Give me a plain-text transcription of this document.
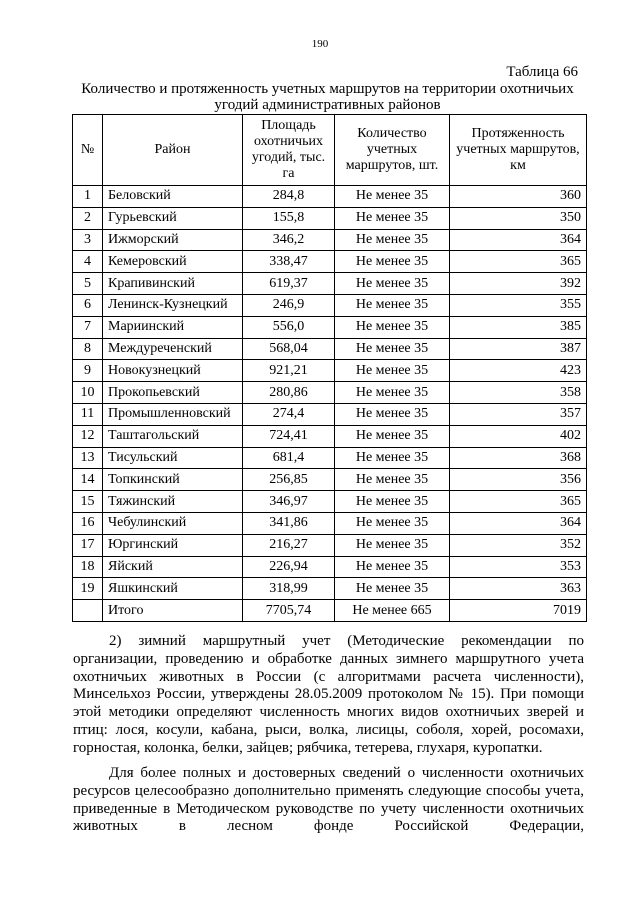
190
Таблица 66
Количество и протяженность учетных маршрутов на территории охотничьих угодий административных районов
№	Район	Площадь охотничьих угодий, тыс. га	Количество учетных маршрутов, шт.	Протяженность учетных маршрутов, км
1	Беловский	284,8	Не менее 35	360
2	Гурьевский	155,8	Не менее 35	350
3	Ижморский	346,2	Не менее 35	364
4	Кемеровский	338,47	Не менее 35	365
5	Крапивинский	619,37	Не менее 35	392
6	Ленинск-Кузнецкий	246,9	Не менее 35	355
7	Мариинский	556,0	Не менее 35	385
8	Междуреченский	568,04	Не менее 35	387
9	Новокузнецкий	921,21	Не менее 35	423
10	Прокопьевский	280,86	Не менее 35	358
11	Промышленновский	274,4	Не менее 35	357
12	Таштагольский	724,41	Не менее 35	402
13	Тисульский	681,4	Не менее 35	368
14	Топкинский	256,85	Не менее 35	356
15	Тяжинский	346,97	Не менее 35	365
16	Чебулинский	341,86	Не менее 35	364
17	Юргинский	216,27	Не менее 35	352
18	Яйский	226,94	Не менее 35	353
19	Яшкинский	318,99	Не менее 35	363
	Итого	7705,74	Не менее 665	7019

2) зимний маршрутный учет (Методические рекомендации по организации, проведению и обработке данных зимнего маршрутного учета охотничьих животных в России (с алгоритмами расчета численности), Минсельхоз России, утверждены 28.05.2009 протоколом № 15). При помощи этой методики определяют численность многих видов охотничьих зверей и птиц: лося, косули, кабана, рыси, волка, лисицы, соболя, хорей, росомахи, горностая, колонка, белки, зайцев; рябчика, тетерева, глухаря, куропатки.

Для более полных и достоверных сведений о численности охотничьих ресурсов целесообразно дополнительно применять следующие способы учета, приведенные в Методическом руководстве по учету численности охотничьих животных в лесном фонде Российской Федерации,
